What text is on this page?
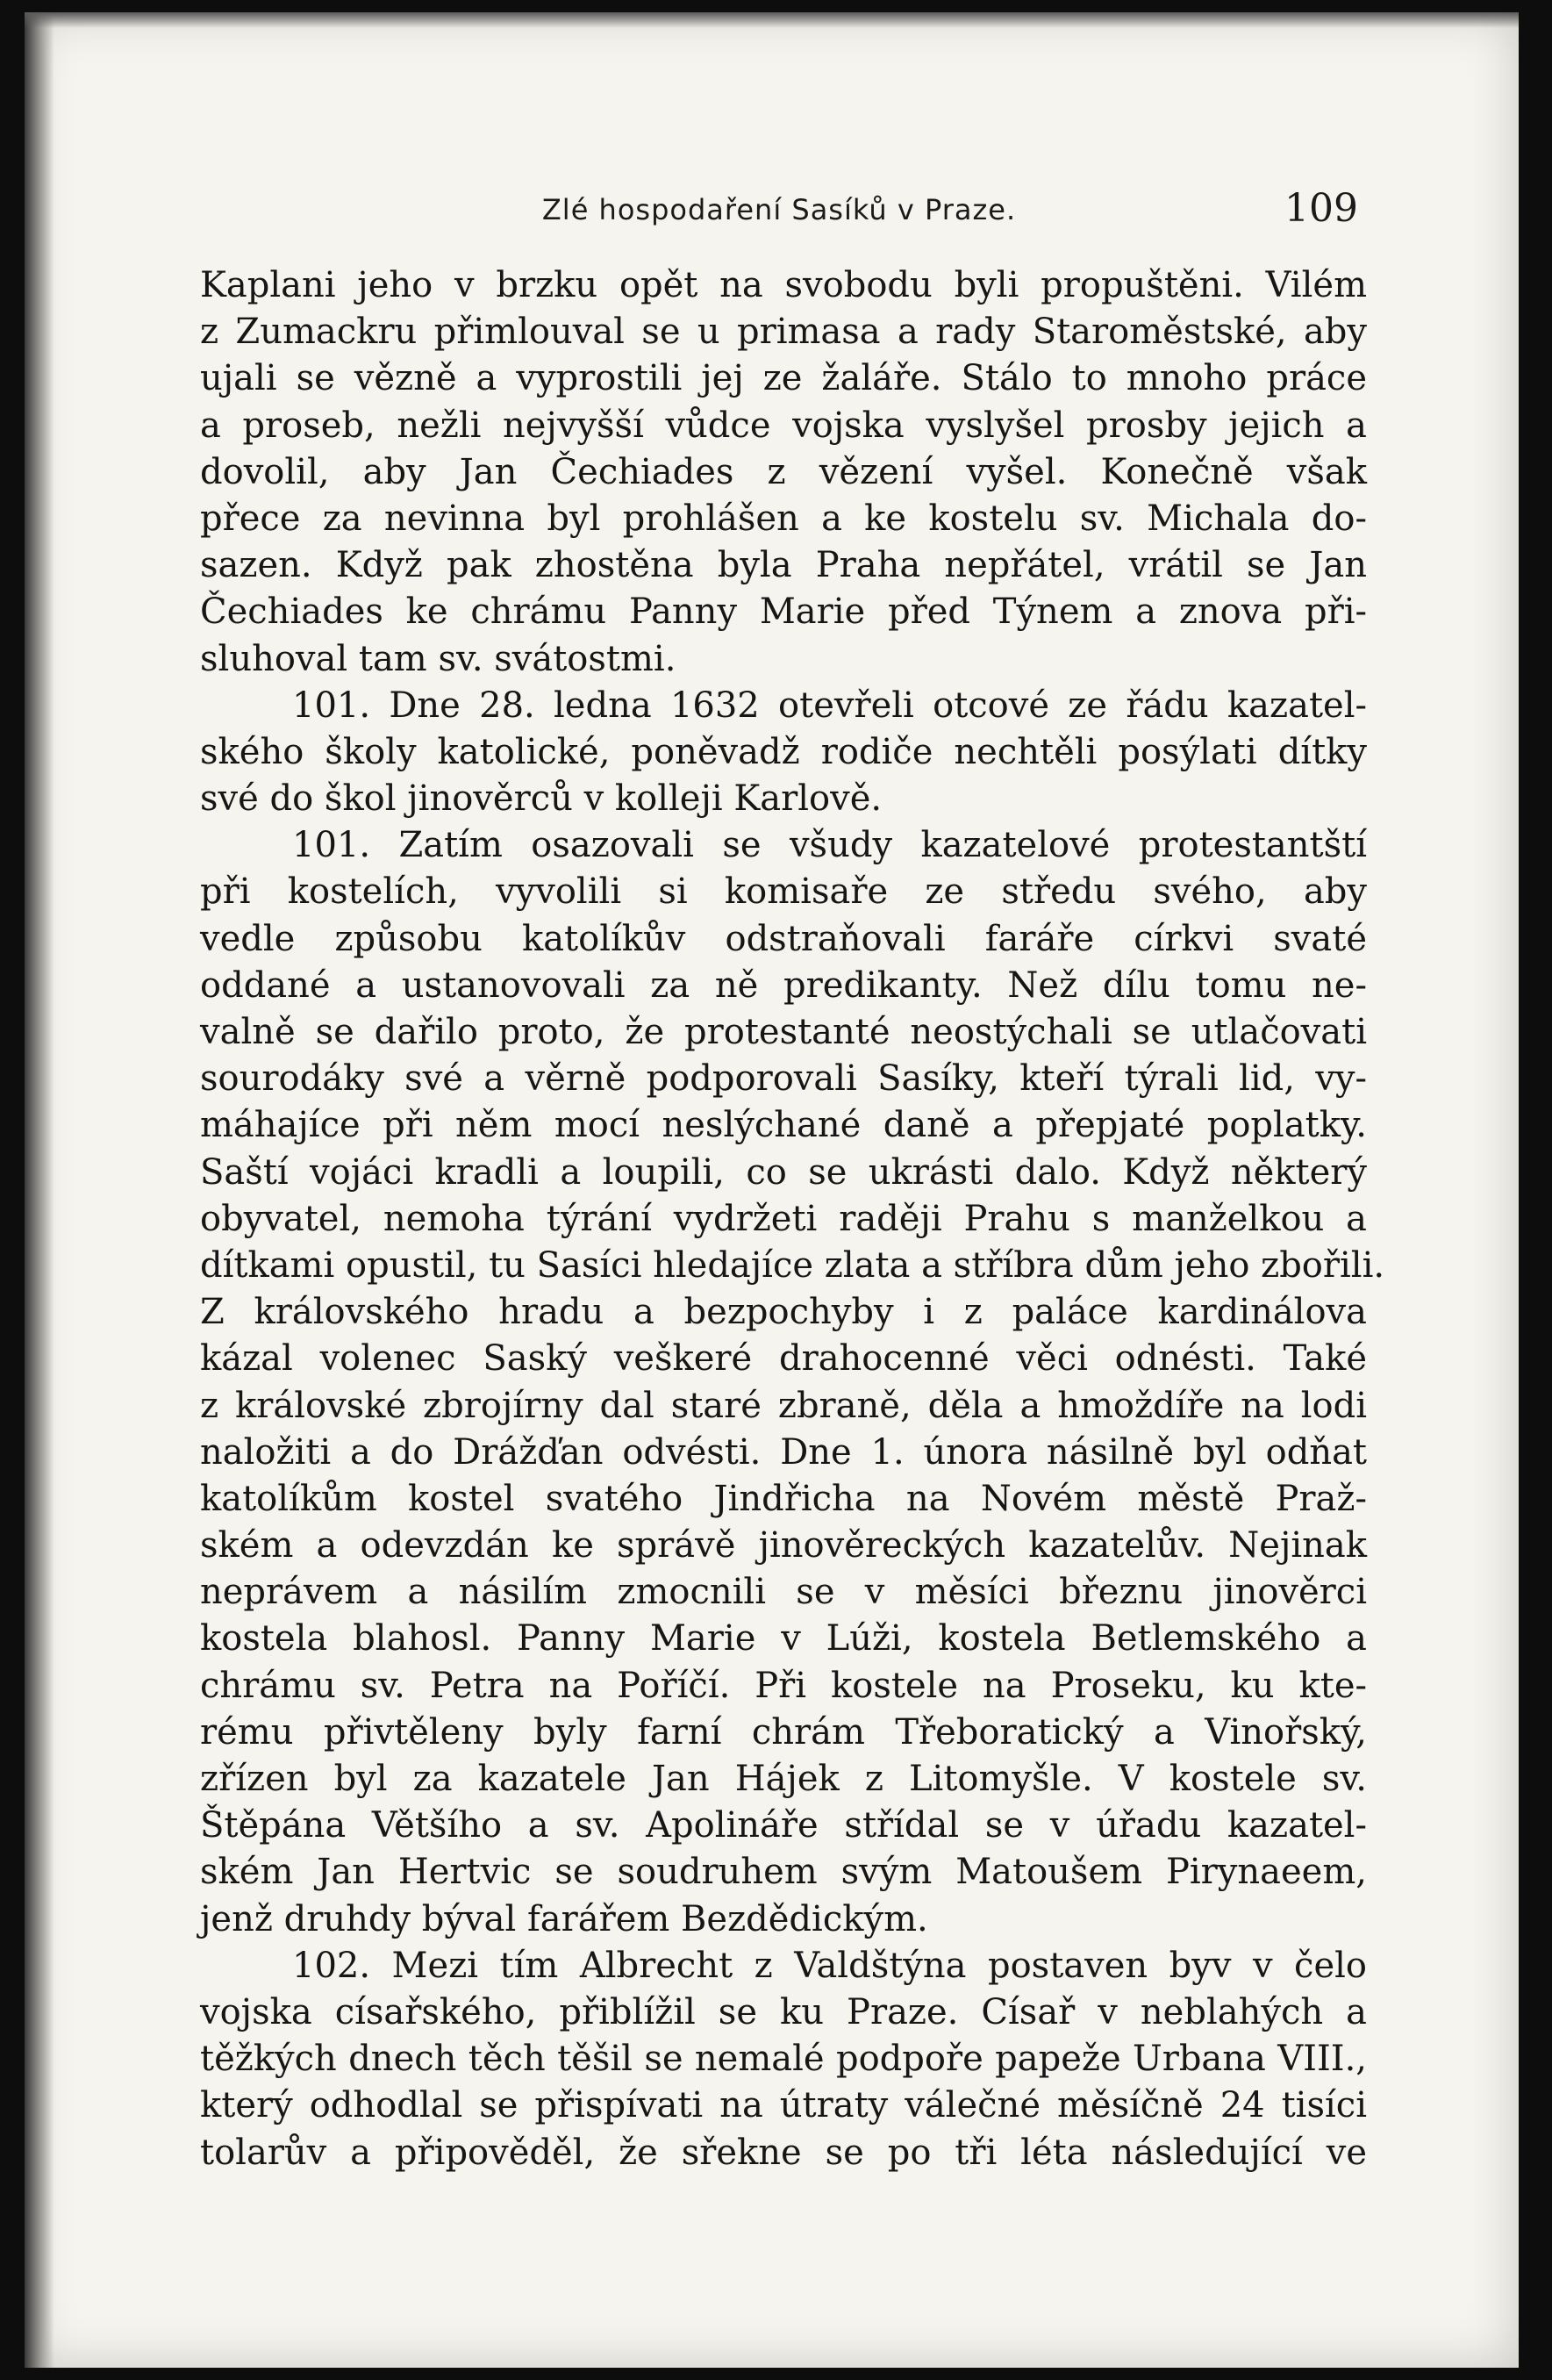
Zlé hospodaření Sasíků v Praze.	109
Kaplani jeho v brzku opět na svobodu byli propuštěni. Vilém
z Zumackru přimlouval se u primasa a rady Staroměstské, aby
ujali se vězně a vyprostili jej ze žaláře. Stálo to mnoho práce
a proseb, nežli nejvyšší vůdce vojska vyslyšel prosby jejich a
dovolil, aby Jan Čechiades z vězení vyšel. Konečně však
přece za nevinna byl prohlášen a ke kostelu sv. Michala do-
sazen. Když pak zhostěna byla Praha nepřátel, vrátil se Jan
Čechiades ke chrámu Panny Marie před Týnem a znova při-
sluhoval tam sv. svátostmi.
101. Dne 28. ledna 1632 otevřeli otcové ze řádu kazatel-
ského školy katolické, poněvadž rodiče nechtěli posýlati dítky
své do škol jinověrců v kolleji Karlově.
101. Zatím osazovali se všudy kazatelové protestantští
při kostelích, vyvolili si komisaře ze středu svého, aby
vedle způsobu katolíkův odstraňovali faráře církvi svaté
oddané a ustanovovali za ně predikanty. Než dílu tomu ne-
valně se dařilo proto, že protestanté neostýchali se utlačovati
sourodáky své a věrně podporovali Sasíky, kteří týrali lid, vy-
máhajíce při něm mocí neslýchané daně a přepjaté poplatky.
Saští vojáci kradli a loupili, co se ukrásti dalo. Když některý
obyvatel, nemoha týrání vydržeti raději Prahu s manželkou a
dítkami opustil, tu Sasíci hledajíce zlata a stříbra dům jeho zbořili.
Z královského hradu a bezpochyby i z paláce kardinálova
kázal volenec Saský veškeré drahocenné věci odnésti. Také
z královské zbrojírny dal staré zbraně, děla a hmoždíře na lodi
naložiti a do Drážďan odvésti. Dne 1. února násilně byl odňat
katolíkům kostel svatého Jindřicha na Novém městě Praž-
ském a odevzdán ke správě jinověreckých kazatelův. Nejinak
neprávem a násilím zmocnili se v měsíci březnu jinověrci
kostela blahosl. Panny Marie v Lúži, kostela Betlemského a
chrámu sv. Petra na Poříčí. Při kostele na Proseku, ku kte-
rému přivtěleny byly farní chrám Třeboratický a Vinořský,
zřízen byl za kazatele Jan Hájek z Litomyšle. V kostele sv.
Štěpána Většího a sv. Apolináře střídal se v úřadu kazatel-
ském Jan Hertvic se soudruhem svým Matoušem Pirynaeem,
jenž druhdy býval farářem Bezdědickým.
102. Mezi tím Albrecht z Valdštýna postaven byv v čelo
vojska císařského, přiblížil se ku Praze. Císař v neblahých a
těžkých dnech těch těšil se nemalé podpoře papeže Urbana VIII.,
který odhodlal se přispívati na útraty válečné měsíčně 24 tisíci
tolarův a připověděl, že sřekne se po tři léta následující ve
